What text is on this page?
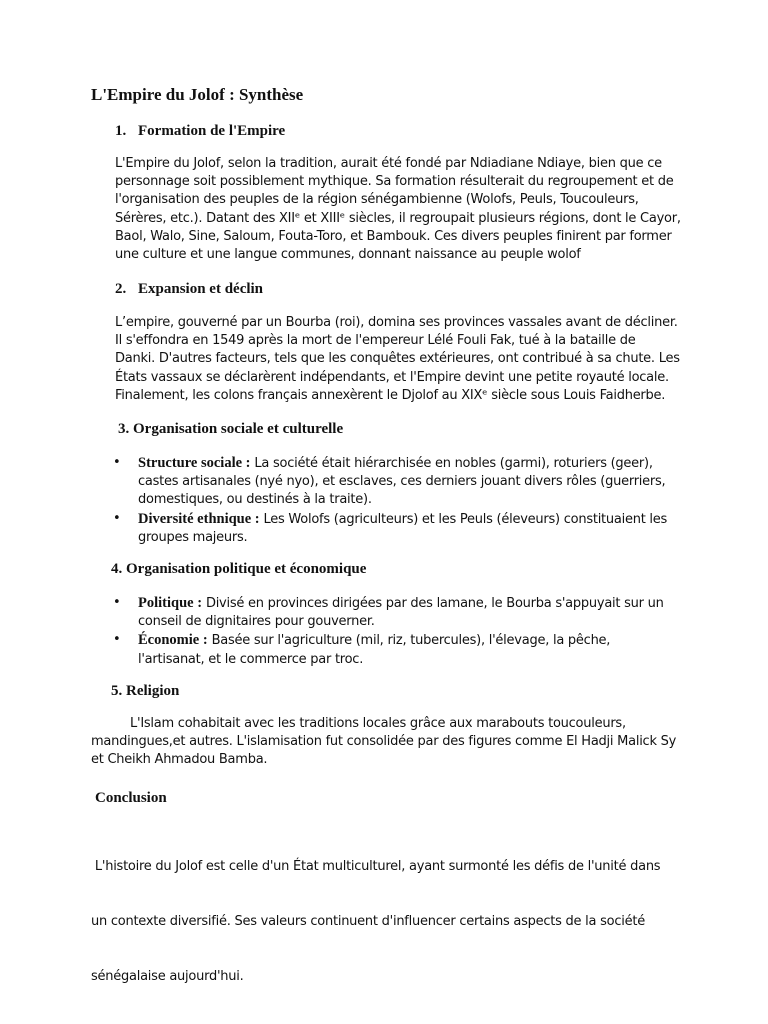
L'Empire du Jolof : Synthèse
1. Formation de l'Empire
L'Empire du Jolof, selon la tradition, aurait été fondé par Ndiadiane Ndiaye, bien que ce
personnage soit possiblement mythique. Sa formation résulterait du regroupement et de
l'organisation des peuples de la région sénégambienne (Wolofs, Peuls, Toucouleurs,
Sérères, etc.). Datant des XIIᵉ et XIIIᵉ siècles, il regroupait plusieurs régions, dont le Cayor,
Baol, Walo, Sine, Saloum, Fouta-Toro, et Bambouk. Ces divers peuples finirent par former
une culture et une langue communes, donnant naissance au peuple wolof
2. Expansion et déclin
L’empire, gouverné par un Bourba (roi), domina ses provinces vassales avant de décliner.
Il s'effondra en 1549 après la mort de l'empereur Lélé Fouli Fak, tué à la bataille de
Danki. D'autres facteurs, tels que les conquêtes extérieures, ont contribué à sa chute. Les
États vassaux se déclarèrent indépendants, et l'Empire devint une petite royauté locale.
Finalement, les colons français annexèrent le Djolof au XIXᵉ siècle sous Louis Faidherbe.
3. Organisation sociale et culturelle
• Structure sociale : La société était hiérarchisée en nobles (garmi), roturiers (geer),
castes artisanales (nyé nyo), et esclaves, ces derniers jouant divers rôles (guerriers,
domestiques, ou destinés à la traite).
• Diversité ethnique : Les Wolofs (agriculteurs) et les Peuls (éleveurs) constituaient les
groupes majeurs.
4. Organisation politique et économique
• Politique : Divisé en provinces dirigées par des lamane, le Bourba s'appuyait sur un
conseil de dignitaires pour gouverner.
• Économie : Basée sur l'agriculture (mil, riz, tubercules), l'élevage, la pêche,
l'artisanat, et le commerce par troc.
5. Religion
L'Islam cohabitait avec les traditions locales grâce aux marabouts toucouleurs,
mandingues,et autres. L'islamisation fut consolidée par des figures comme El Hadji Malick Sy
et Cheikh Ahmadou Bamba.
Conclusion

L'histoire du Jolof est celle d'un État multiculturel, ayant surmonté les défis de l'unité dans

un contexte diversifié. Ses valeurs continuent d'influencer certains aspects de la société

sénégalaise aujourd'hui.
